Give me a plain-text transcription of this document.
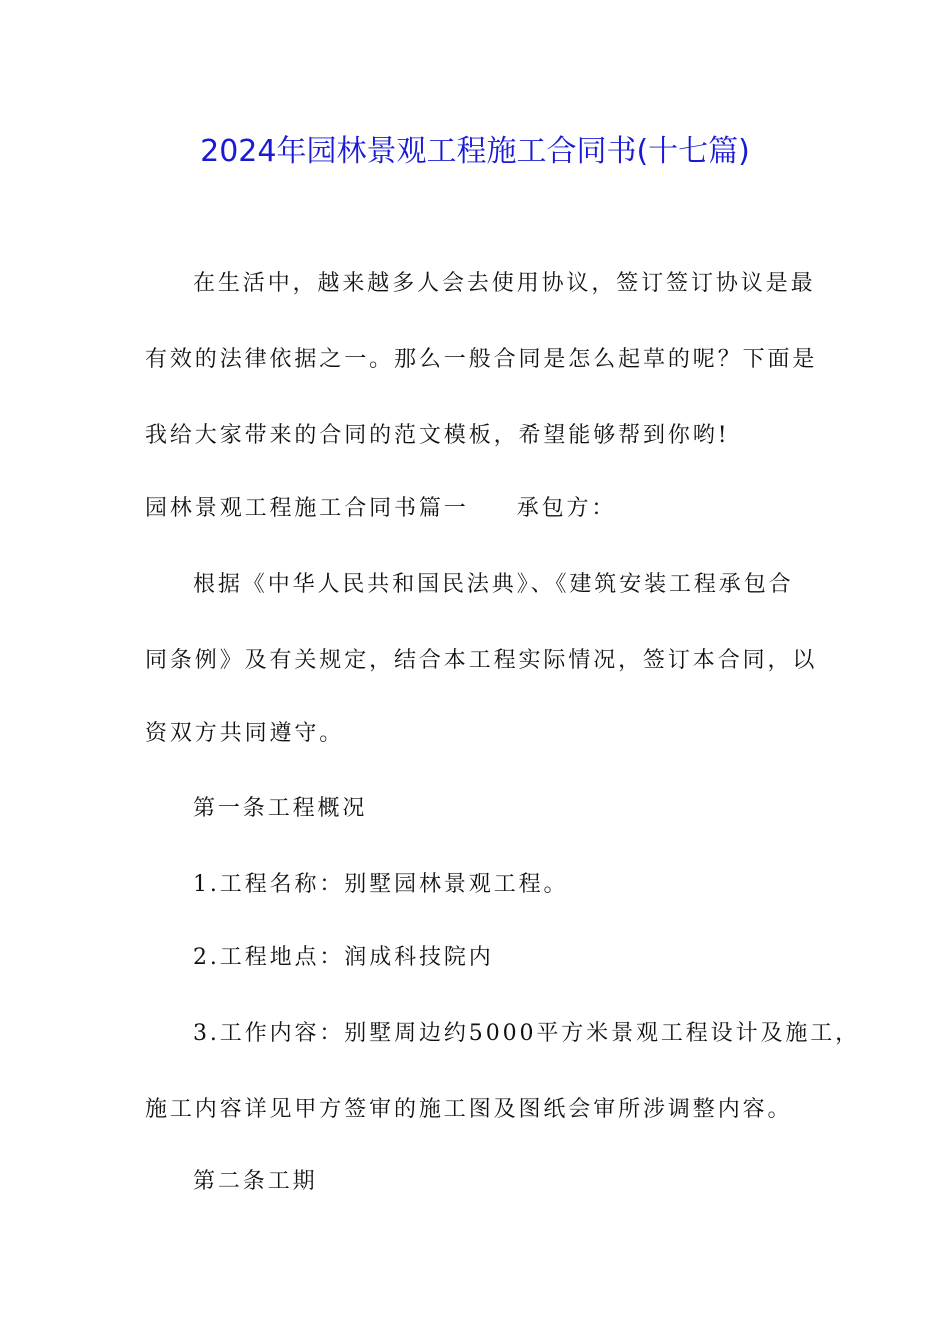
2024年园林景观工程施工合同书(十七篇)
在生活中，越来越多人会去使用协议，签订签订协议是最
有效的法律依据之一。那么一般合同是怎么起草的呢？下面是
我给大家带来的合同的范文模板，希望能够帮到你哟!
园林景观工程施工合同书篇一 承包方：
根据《中华人民共和国民法典》、《建筑安装工程承包合
同条例》及有关规定，结合本工程实际情况，签订本合同，以
资双方共同遵守。
第一条工程概况
1.工程名称：别墅园林景观工程。
2.工程地点：润成科技院内
3.工作内容：别墅周边约5000平方米景观工程设计及施工，
施工内容详见甲方签审的施工图及图纸会审所涉调整内容。
第二条工期
